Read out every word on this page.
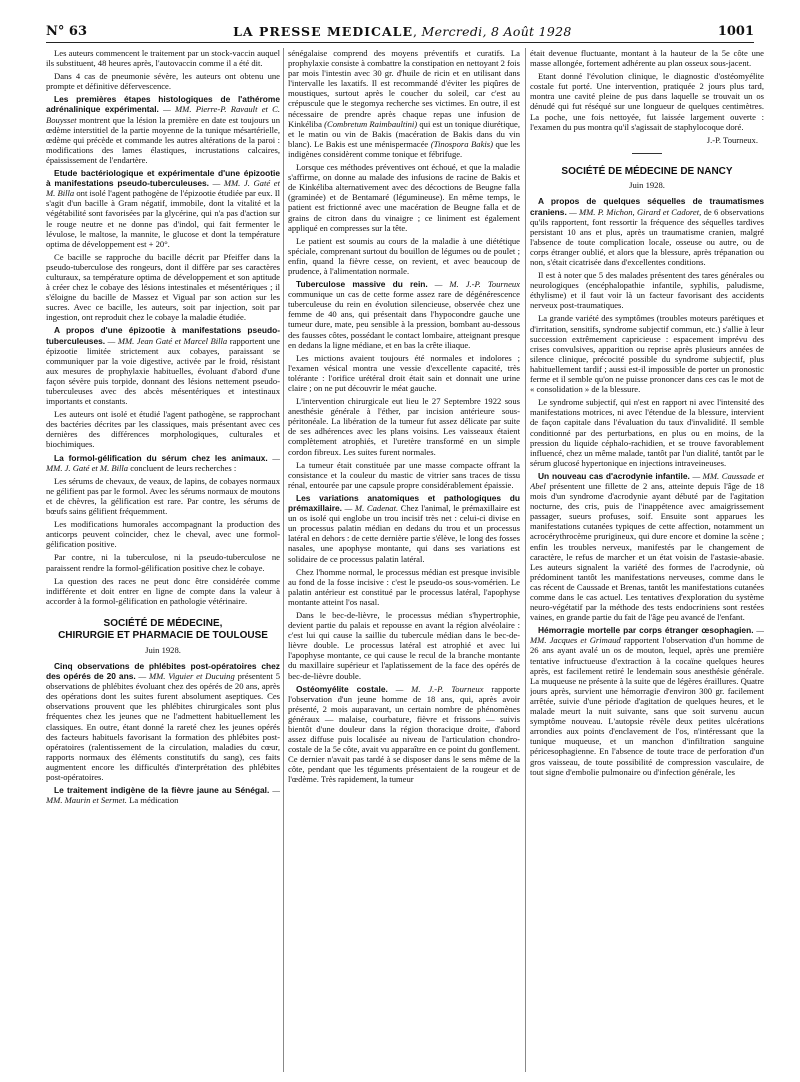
N° 63	LA PRESSE MEDICALE, Mercredi, 8 Août 1928	1001

Les auteurs commencent le traitement par un stock-vaccin auquel ils substituent, 48 heures après, l'autovaccin comme il a été dit.

Dans 4 cas de pneumonie sévère, les auteurs ont obtenu une prompte et définitive défervescence.

Les premières étapes histologiques de l'athérome adrénalinique expérimental. — MM. Pierre-P. Ravault et C. Bouysset montrent que la lésion la première en date est toujours un œdème interstitiel de la partie moyenne de la tunique mésartérielle, œdème qui précède et commande les autres altérations de la paroi : modifications des lames élastiques, incrustations calcaires, épaississement de l'endartère.

Etude bactériologique et expérimentale d'une épizootie à manifestations pseudo-tuberculeuses. — MM. J. Gaté et M. Billa ont isolé l'agent pathogène de l'épizootie étudiée par eux. Il s'agit d'un bacille à Gram négatif, immobile, dont la vitalité et la végétabilité sont favorisées par la glycérine, qui n'a pas d'action sur le rouge neutre et ne donne pas d'indol, qui fait fermenter le lévulose, le maltose, la mannite, le glucose et dont la température optima de développement est + 20°.

Ce bacille se rapproche du bacille décrit par Pfeiffer dans la pseudo-tuberculose des rongeurs, dont il diffère par ses caractères culturaux, sa température optima de développement et son aptitude à créer chez le cobaye des lésions intestinales et mésentériques ; il s'éloigne du bacille de Massez et Vigual par son action sur les sucres. Avec ce bacille, les auteurs, soit par injection, soit par ingestion, ont reproduit chez le cobaye la maladie étudiée.

A propos d'une épizootie à manifestations pseudo-tuberculeuses. — MM. Jean Gaté et Marcel Billa rapportent une épizootie limitée strictement aux cobayes, paraissant se communiquer par la voie digestive, activée par le froid, résistant aux mesures de prophylaxie habituelles, évoluant d'abord d'une façon sévère puis torpide, donnant des lésions nettement pseudo-tuberculeuses avec des abcès mésentériques et intestinaux importants et constants.

Les auteurs ont isolé et étudié l'agent pathogène, se rapprochant des bactéries décrites par les classiques, mais présentant avec ces dernières des différences morphologiques, culturales et biochimiques.

La formol-gélification du sérum chez les animaux. — MM. J. Gaté et M. Billa concluent de leurs recherches :

Les sérums de chevaux, de veaux, de lapins, de cobayes normaux ne gélifient pas par le formol. Avec les sérums normaux de moutons et de chèvres, la gélification est rare. Par contre, les sérums de bœufs sains gélifient fréquemment.

Les modifications humorales accompagnant la production des anticorps peuvent coïncider, chez le cheval, avec une formol-gélification positive.

Par contre, ni la tuberculose, ni la pseudo-tuberculose ne paraissent rendre la formol-gélification positive chez le cobaye.

La question des races ne peut donc être considérée comme indifférente et doit entrer en ligne de compte dans la valeur à accorder à la formol-gélification en pathologie vétérinaire.

SOCIÉTÉ DE MÉDECINE,
CHIRURGIE ET PHARMACIE DE TOULOUSE
Juin 1928.

Cinq observations de phlébites post-opératoires chez des opérés de 20 ans. — MM. Viguier et Ducuing présentent 5 observations de phlébites évoluant chez des opérés de 20 ans, après des opérations dont les suites furent absolument aseptiques. Ces observations prouvent que les phlébites chirurgicales sont plus fréquentes chez les jeunes que ne l'admettent habituellement les classiques. En outre, étant donné la rareté chez les jeunes opérés des facteurs habituels favorisant la formation des phlébites post-opératoires (ralentissement de la circulation, maladies du cœur, rapports normaux des éléments constitutifs du sang), ces faits augmentent encore les difficultés d'interprétation des phlébites post-opératoires.

Le traitement indigène de la fièvre jaune au Sénégal. — MM. Maurin et Sermet. La médication

sénégalaise comprend des moyens préventifs et curatifs. La prophylaxie consiste à combattre la constipation en nettoyant 2 fois par mois l'intestin avec 30 gr. d'huile de ricin et en utilisant dans l'intervalle les laxatifs. Il est recommandé d'éviter les piqûres de moustiques, surtout après le coucher du soleil, car c'est au crépuscule que le stegomya recherche ses victimes. En outre, il est nécessaire de prendre après chaque repas une infusion de Kinkéliba (Combretum Raimbaultini) qui est un tonique diurétique, et le matin ou vin de Bakis (macération de Bakis dans du vin blanc). Le Bakis est une ménispermacée (Tinospora Bakis) que les indigènes considèrent comme tonique et fébrifuge.

Lorsque ces méthodes préventives ont échoué, et que la maladie s'affirme, on donne au malade des infusions de racine de Bakis et de Kinkéliba alternativement avec des décoctions de Beugne falla (graminée) et de Bentamaré (légumineuse). En même temps, le patient est frictionné avec une macération de Beugne falla et de grains de citron dans du vinaigre ; ce liniment est également appliqué en compresses sur la tête.

Le patient est soumis au cours de la maladie à une diététique spéciale, comprenant surtout du bouillon de légumes ou de poulet ; enfin, quand la fièvre cesse, on revient, et avec beaucoup de prudence, à l'alimentation normale.

Tuberculose massive du rein. — M. J.-P. Tourneux communique un cas de cette forme assez rare de dégénérescence tuberculeuse du rein en évolution silencieuse, observée chez une femme de 40 ans, qui présentait dans l'hypocondre gauche une tumeur dure, mate, peu sensible à la pression, bombant au-dessous des fausses côtes, possédant le contact lombaire, atteignant presque en dedans la ligne médiane, et en bas la crête iliaque.

Les mictions avaient toujours été normales et indolores ; l'examen vésical montra une vessie d'excellente capacité, très tolérante : l'orifice urétéral droit était sain et donnait une urine claire ; on ne put découvrir le méat gauche.

L'intervention chirurgicale eut lieu le 27 Septembre 1922 sous anesthésie générale à l'éther, par incision antérieure sous-péritonéale. La libération de la tumeur fut assez délicate par suite de ses adhérences avec les plans voisins. Les vaisseaux étaient complètement atrophiés, et l'uretère transformé en un simple cordon fibreux. Les suites furent normales.

La tumeur était constituée par une masse compacte offrant la consistance et la couleur du mastic de vitrier sans traces de tissu rénal, entourée par une capsule propre considérablement épaissie.

Les variations anatomiques et pathologiques du prémaxillaire. — M. Cadenat. Chez l'animal, le prémaxillaire est un os isolé qui englobe un trou incisif très net : celui-ci divise en un processus palatin médian en dedans du trou et un processus latéral en dehors : de cette dernière partie s'élève, le long des fosses nasales, une apophyse montante, qui dans ses variations est solidaire de ce processus palatin latéral.

Chez l'homme normal, le processus médian est presque invisible au fond de la fosse incisive : c'est le pseudo-os sous-vomérien. Le palatin antérieur est constitué par le processus latéral, l'apophyse montante atteint l'os nasal.

Dans le bec-de-lièvre, le processus médian s'hypertrophie, devient partie du palais et repousse en avant la région alvéolaire : c'est lui qui cause la saillie du tubercule médian dans le bec-de-lièvre double. Le processus latéral est atrophié et avec lui l'apophyse montante, ce qui cause le recul de la branche montante du maxillaire supérieur et l'aplatissement de la face des opérés de bec-de-lièvre double.

Ostéomyélite costale. — M. J.-P. Tourneux rapporte l'observation d'un jeune homme de 18 ans, qui, après avoir présenté, 2 mois auparavant, un certain nombre de phénomènes généraux — malaise, courbature, fièvre et frissons — suivis bientôt d'une douleur dans la région thoracique droite, d'abord assez diffuse puis localisée au niveau de l'articulation chondro-costale de la 5e côte, avait vu apparaître en ce point du gonflement. Ce dernier n'avait pas tardé à se disposer dans le sens même de la côte, pendant que les téguments présentaient de la rougeur et de l'œdème. Très rapidement, la tumeur

était devenue fluctuante, montant à la hauteur de la 5e côte une masse allongée, fortement adhérente au plan osseux sous-jacent.

Etant donné l'évolution clinique, le diagnostic d'ostéomyélite costale fut porté. Une intervention, pratiquée 2 jours plus tard, montra une cavité pleine de pus dans laquelle se trouvait un os dénudé qui fut réséqué sur une longueur de quelques centimètres. La poche, une fois nettoyée, fut laissée largement ouverte : l'examen du pus montra qu'il s'agissait de staphylocoque doré.

J.-P. Tourneux.
SOCIÉTÉ DE MÉDECINE DE NANCY
Juin 1928.

A propos de quelques séquelles de traumatismes craniens. — MM. P. Michon, Girard et Cadoret, de 6 observations qu'ils rapportent, font ressortir la fréquence des séquelles tardives persistant 10 ans et plus, après un traumatisme cranien, malgré l'absence de toute complication locale, osseuse ou autre, ou de corps étranger oublié, et alors que la blessure, après trépanation ou non, s'était cicatrisée dans d'excellentes conditions.

Il est à noter que 5 des malades présentent des tares générales ou neurologiques (encéphalopathie infantile, syphilis, paludisme, éthylisme) et il faut voir là un facteur favorisant des accidents nerveux post-traumatiques.

La grande variété des symptômes (troubles moteurs parétiques et d'irritation, sensitifs, syndrome subjectif commun, etc.) s'allie à leur succession extrêmement capricieuse : espacement imprévu des crises convulsives, apparition ou reprise après plusieurs années de silence clinique, précocité possible du syndrome subjectif, plus habituellement tardif ; aussi est-il impossible de porter un pronostic ferme et il semble qu'on ne puisse prononcer dans ces cas le mot de « consolidation » de la blessure.

Le syndrome subjectif, qui n'est en rapport ni avec l'intensité des manifestations motrices, ni avec l'étendue de la blessure, intervient de façon capitale dans l'évaluation du taux d'invalidité. Il semble conditionné par des perturbations, en plus ou en moins, de la pression du liquide céphalo-rachidien, et se trouve favorablement influencé, chez un même malade, tantôt par l'un dialité, tantôt par le sérum glucosé hypertonique en injections intraveineuses.

Un nouveau cas d'acrodynie infantile. — MM. Caussade et Abel présentent une fillette de 2 ans, atteinte depuis l'âge de 18 mois d'un syndrome d'acrodynie ayant débuté par de l'agitation nocturne, des cris, puis de l'inappétence avec amaigrissement passager, sueurs profuses, soif. Ensuite sont apparues les manifestations cutanées typiques de cette affection, notamment un acrocérythrocème prurigineux, qui dure encore et domine la scène ; enfin les troubles nerveux, manifestés par le changement de caractère, le refus de marcher et un état voisin de l'astasie-abasie. Les auteurs signalent la variété des formes de l'acrodynie, où prédominent tantôt les manifestations nerveuses, comme dans le cas récent de Caussade et Brenas, tantôt les manifestations cutanées comme dans le cas actuel. Les tentatives d'exploration du système neuro-végétatif par la méthode des tests endocriniens sont restées vaines, en grande partie du fait de l'âge peu avancé de l'enfant.

Hémorragie mortelle par corps étranger œsophagien. — MM. Jacques et Grimaud rapportent l'observation d'un homme de 26 ans ayant avalé un os de mouton, lequel, après une première tentative infructueuse d'extraction à la cocaïne quelques heures après, est facilement retiré le lendemain sous anesthésie générale. La muqueuse ne présente à la suite que de légères éraillures. Quatre jours après, survient une hémorragie d'environ 300 gr. facilement arrêtée, suivie d'une période d'agitation de quelques heures, et le malade meurt la nuit suivante, sans que soit survenu aucun symptôme nouveau. L'autopsie révèle deux petites ulcérations arrondies aux points d'enclavement de l'os, n'intéressant que la tunique muqueuse, et un manchon d'infiltration sanguine péricesophagienne. En l'absence de toute trace de perforation d'un gros vaisseau, de toute possibilité de compression vasculaire, de tout signe d'embolie pulmonaire ou d'infection générale, les
